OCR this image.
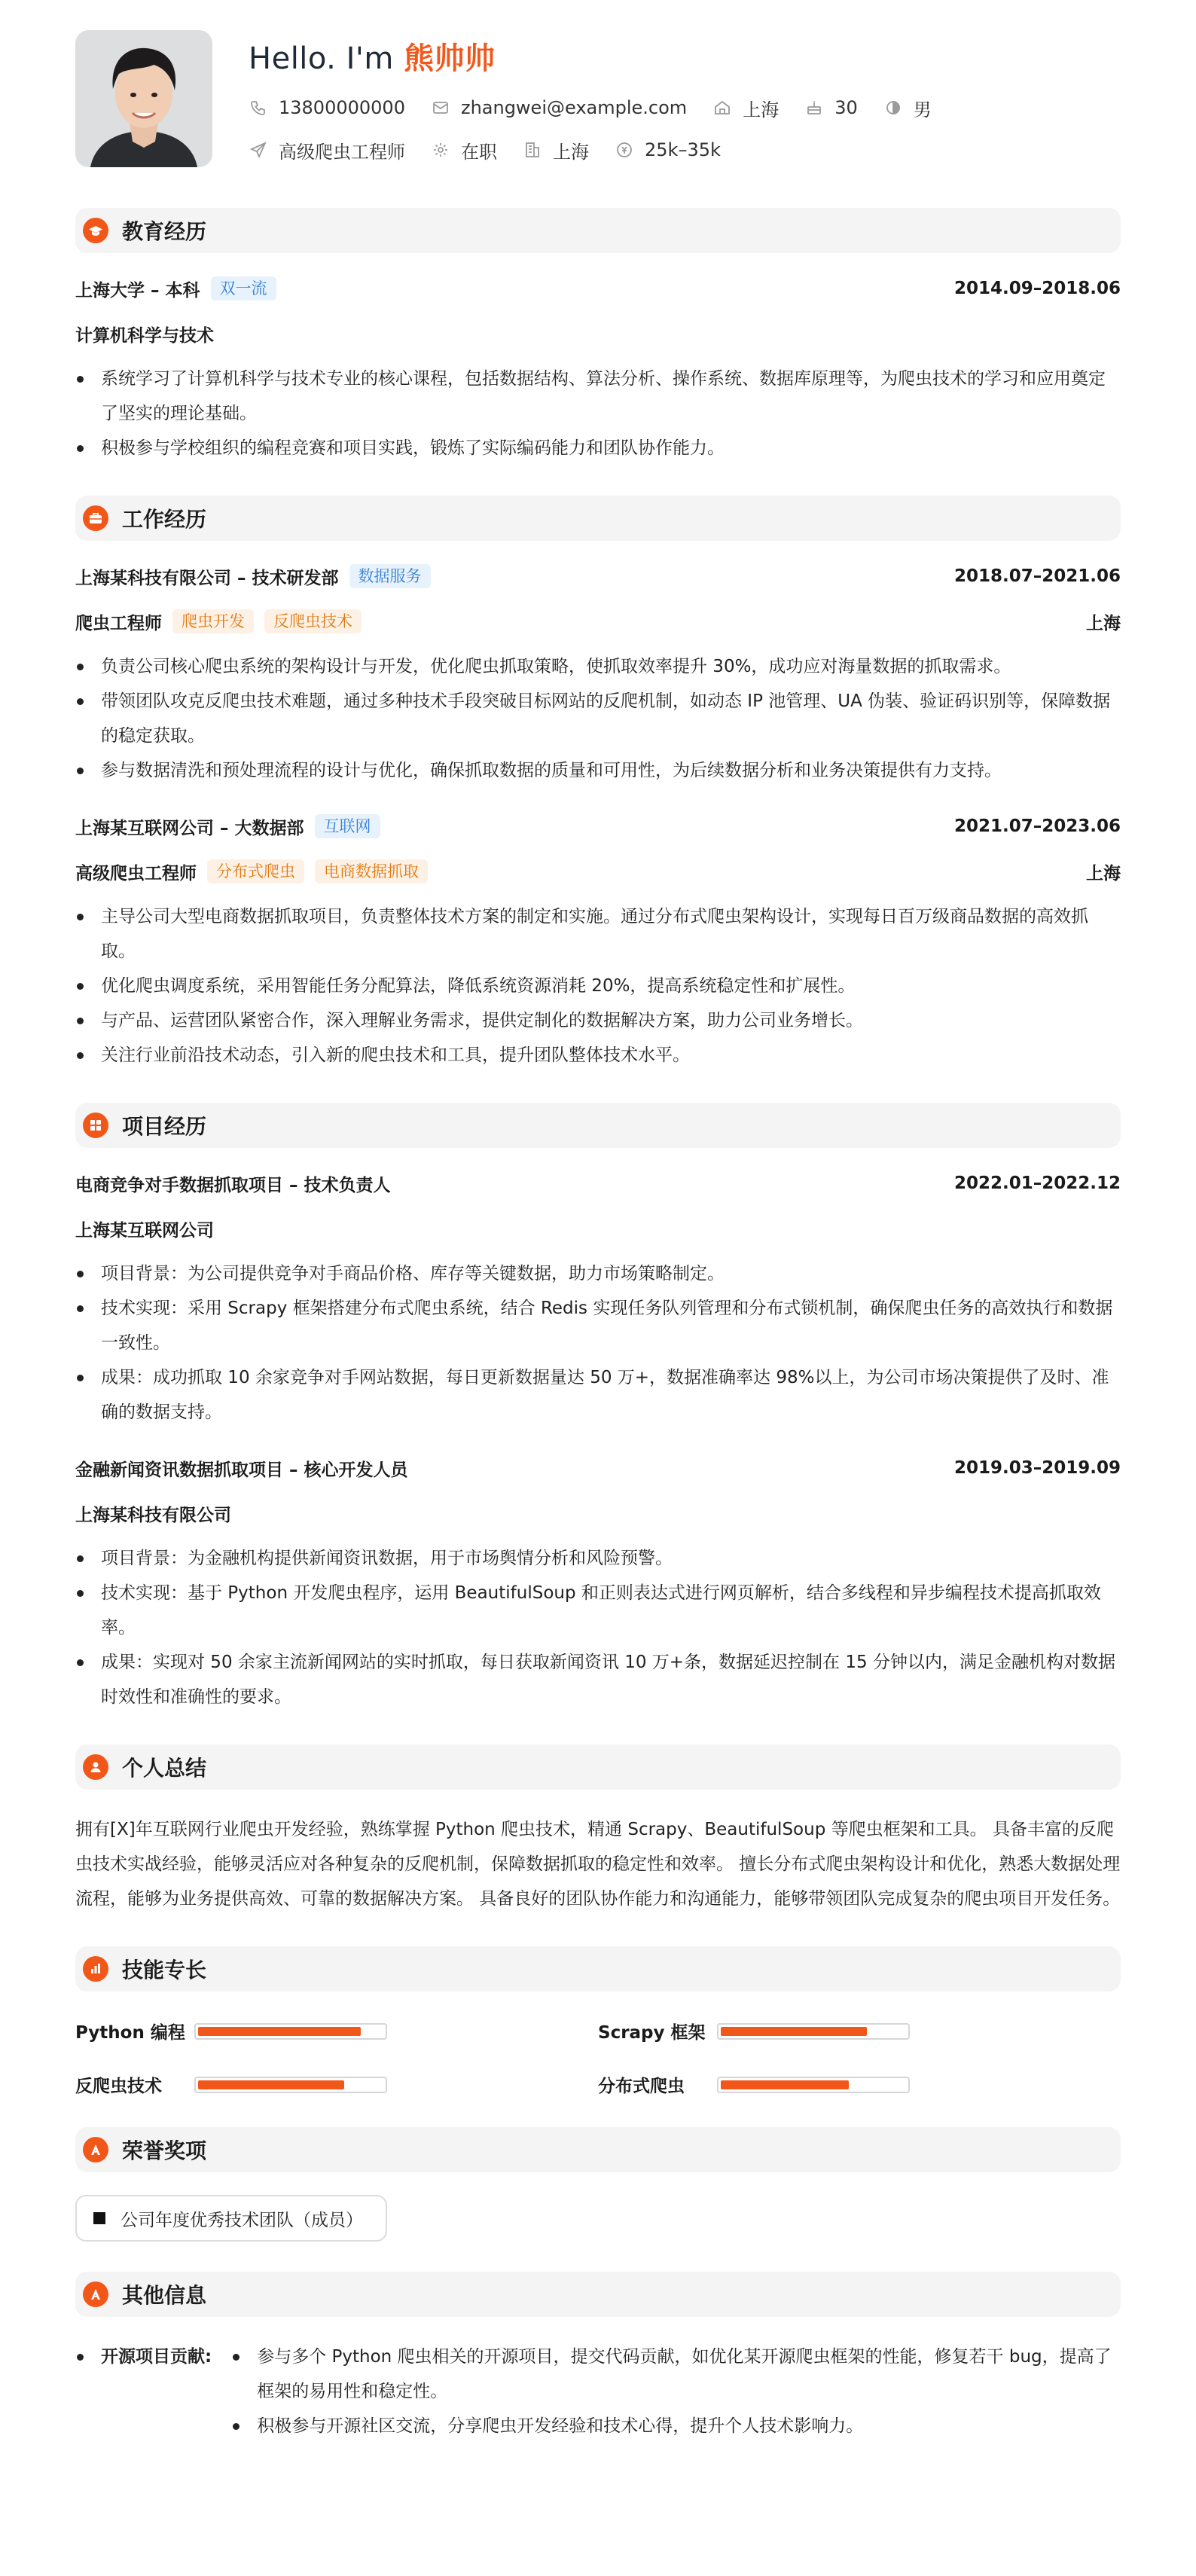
Hello. I'm 熊帅帅
13800000000	zhangwei@example.com	上海	30	男
高级爬虫工程师	在职	上海	25k–35k
教育经历
上海大学 – 本科	双一流	2014.09–2018.06
计算机科学与技术
系统学习了计算机科学与技术专业的核心课程，包括数据结构、算法分析、操作系统、数据库原理等，为爬虫技术的学习和应用奠定了坚实的理论基础。
积极参与学校组织的编程竞赛和项目实践，锻炼了实际编码能力和团队协作能力。
工作经历
上海某科技有限公司 – 技术研发部	数据服务	2018.07–2021.06
爬虫工程师	爬虫开发	反爬虫技术	上海
负责公司核心爬虫系统的架构设计与开发，优化爬虫抓取策略，使抓取效率提升 30%，成功应对海量数据的抓取需求。
带领团队攻克反爬虫技术难题，通过多种技术手段突破目标网站的反爬机制，如动态 IP 池管理、UA 伪装、验证码识别等，保障数据的稳定获取。
参与数据清洗和预处理流程的设计与优化，确保抓取数据的质量和可用性，为后续数据分析和业务决策提供有力支持。
上海某互联网公司 – 大数据部	互联网	2021.07–2023.06
高级爬虫工程师	分布式爬虫	电商数据抓取	上海
主导公司大型电商数据抓取项目，负责整体技术方案的制定和实施。通过分布式爬虫架构设计，实现每日百万级商品数据的高效抓取。
优化爬虫调度系统，采用智能任务分配算法，降低系统资源消耗 20%，提高系统稳定性和扩展性。
与产品、运营团队紧密合作，深入理解业务需求，提供定制化的数据解决方案，助力公司业务增长。
关注行业前沿技术动态，引入新的爬虫技术和工具，提升团队整体技术水平。
项目经历
电商竞争对手数据抓取项目 – 技术负责人	2022.01–2022.12
上海某互联网公司
项目背景：为公司提供竞争对手商品价格、库存等关键数据，助力市场策略制定。
技术实现：采用 Scrapy 框架搭建分布式爬虫系统，结合 Redis 实现任务队列管理和分布式锁机制，确保爬虫任务的高效执行和数据一致性。
成果：成功抓取 10 余家竞争对手网站数据，每日更新数据量达 50 万+，数据准确率达 98%以上，为公司市场决策提供了及时、准确的数据支持。
金融新闻资讯数据抓取项目 – 核心开发人员	2019.03–2019.09
上海某科技有限公司
项目背景：为金融机构提供新闻资讯数据，用于市场舆情分析和风险预警。
技术实现：基于 Python 开发爬虫程序，运用 BeautifulSoup 和正则表达式进行网页解析，结合多线程和异步编程技术提高抓取效率。
成果：实现对 50 余家主流新闻网站的实时抓取，每日获取新闻资讯 10 万+条，数据延迟控制在 15 分钟以内，满足金融机构对数据时效性和准确性的要求。
个人总结
拥有[X]年互联网行业爬虫开发经验，熟练掌握 Python 爬虫技术，精通 Scrapy、BeautifulSoup 等爬虫框架和工具。 具备丰富的反爬虫技术实战经验，能够灵活应对各种复杂的反爬机制，保障数据抓取的稳定性和效率。 擅长分布式爬虫架构设计和优化，熟悉大数据处理流程，能够为业务提供高效、可靠的数据解决方案。 具备良好的团队协作能力和沟通能力，能够带领团队完成复杂的爬虫项目开发任务。
技能专长
Python 编程	Scrapy 框架
反爬虫技术	分布式爬虫
荣誉奖项
公司年度优秀技术团队（成员）
其他信息
开源项目贡献:	参与多个 Python 爬虫相关的开源项目，提交代码贡献，如优化某开源爬虫框架的性能，修复若干 bug，提高了框架的易用性和稳定性。
积极参与开源社区交流，分享爬虫开发经验和技术心得，提升个人技术影响力。
